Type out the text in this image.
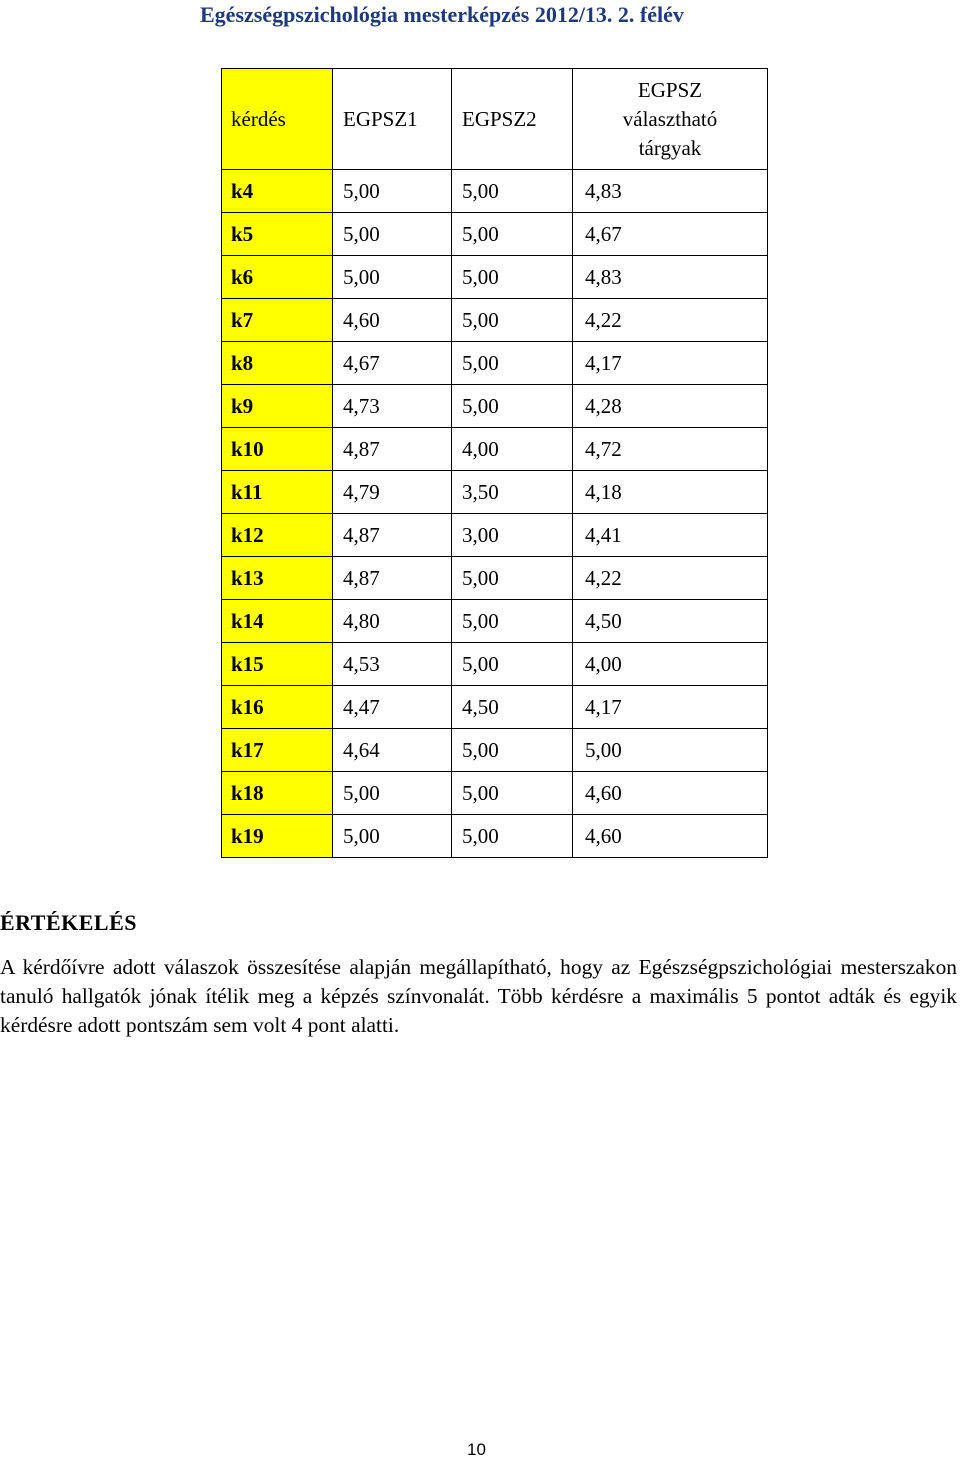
Egészségpszichológia mesterképzés 2012/13. 2. félév
kérdés	EGPSZ1	EGPSZ2	EGPSZ
választható
tárgyak

k4	5,00	5,00	4,83
k5	5,00	5,00	4,67
k6	5,00	5,00	4,83
k7	4,60	5,00	4,22
k8	4,67	5,00	4,17
k9	4,73	5,00	4,28
k10	4,87	4,00	4,72
k11	4,79	3,50	4,18
k12	4,87	3,00	4,41
k13	4,87	5,00	4,22
k14	4,80	5,00	4,50
k15	4,53	5,00	4,00
k16	4,47	4,50	4,17
k17	4,64	5,00	5,00
k18	5,00	5,00	4,60
k19	5,00	5,00	4,60
ÉRTÉKELÉS
A kérdőívre adott válaszok összesítése alapján megállapítható, hogy az Egészségpszichológiai mesterszakon tanuló hallgatók jónak ítélik meg a képzés színvonalát. Több kérdésre a maximális 5 pontot adták és egyik kérdésre adott pontszám sem volt 4 pont alatti.
10
